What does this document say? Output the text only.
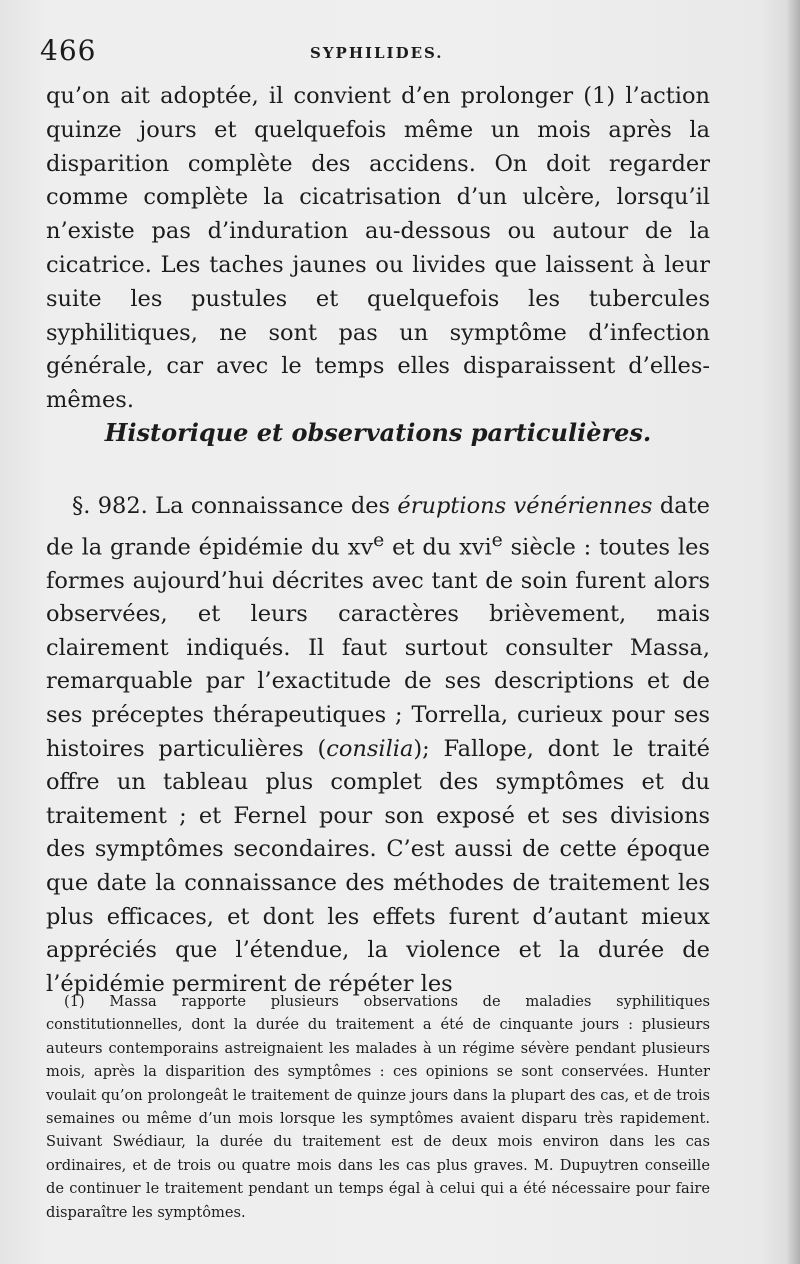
466	SYPHILIDES.

qu’on ait adoptée, il convient d’en prolonger (1) l’action quinze jours et quelquefois même un mois après la disparition complète des accidens. On doit regarder comme complète la cicatrisation d’un ulcère, lorsqu’il n’existe pas d’induration au-dessous ou autour de la cicatrice. Les taches jaunes ou livides que laissent à leur suite les pustules et quelquefois les tubercules syphilitiques, ne sont pas un symptôme d’infection générale, car avec le temps elles disparaissent d’elles-mêmes.

Historique et observations particulières.

§. 982. La connaissance des éruptions vénériennes date de la grande épidémie du $xv^e$ et du xvi$^e$ siècle : toutes les formes aujourd’hui décrites avec tant de soin furent alors observées, et leurs caractères brièvement, mais clairement indiqués. Il faut surtout consulter Massa, remarquable par l’exactitude de ses descriptions et de ses préceptes thérapeutiques ; Torrella, curieux pour ses histoires particulières (consilia); Fallope, dont le traité offre un tableau plus complet des symptômes et du traitement ; et Fernel pour son exposé et ses divisions des symptômes secondaires. C’est aussi de cette époque que date la connaissance des méthodes de traitement les plus efficaces, et dont les effets furent d’autant mieux appréciés que l’étendue, la violence et la durée de l’épidémie permirent de répéter les

(1) Massa rapporte plusieurs observations de maladies syphilitiques constitutionnelles, dont la durée du traitement a été de cinquante jours : plusieurs auteurs contemporains astreignaient les malades à un régime sévère pendant plusieurs mois, après la disparition des symptômes : ces opinions se sont conservées. Hunter voulait qu’on prolongeât le traitement de quinze jours dans la plupart des cas, et de trois semaines ou même d’un mois lorsque les symptômes avaient disparu très rapidement. Suivant Swédiaur, la durée du traitement est de deux mois environ dans les cas ordinaires, et de trois ou quatre mois dans les cas plus graves. M. Dupuytren conseille de continuer le traitement pendant un temps égal à celui qui a été nécessaire pour faire disparaître les symptômes.
